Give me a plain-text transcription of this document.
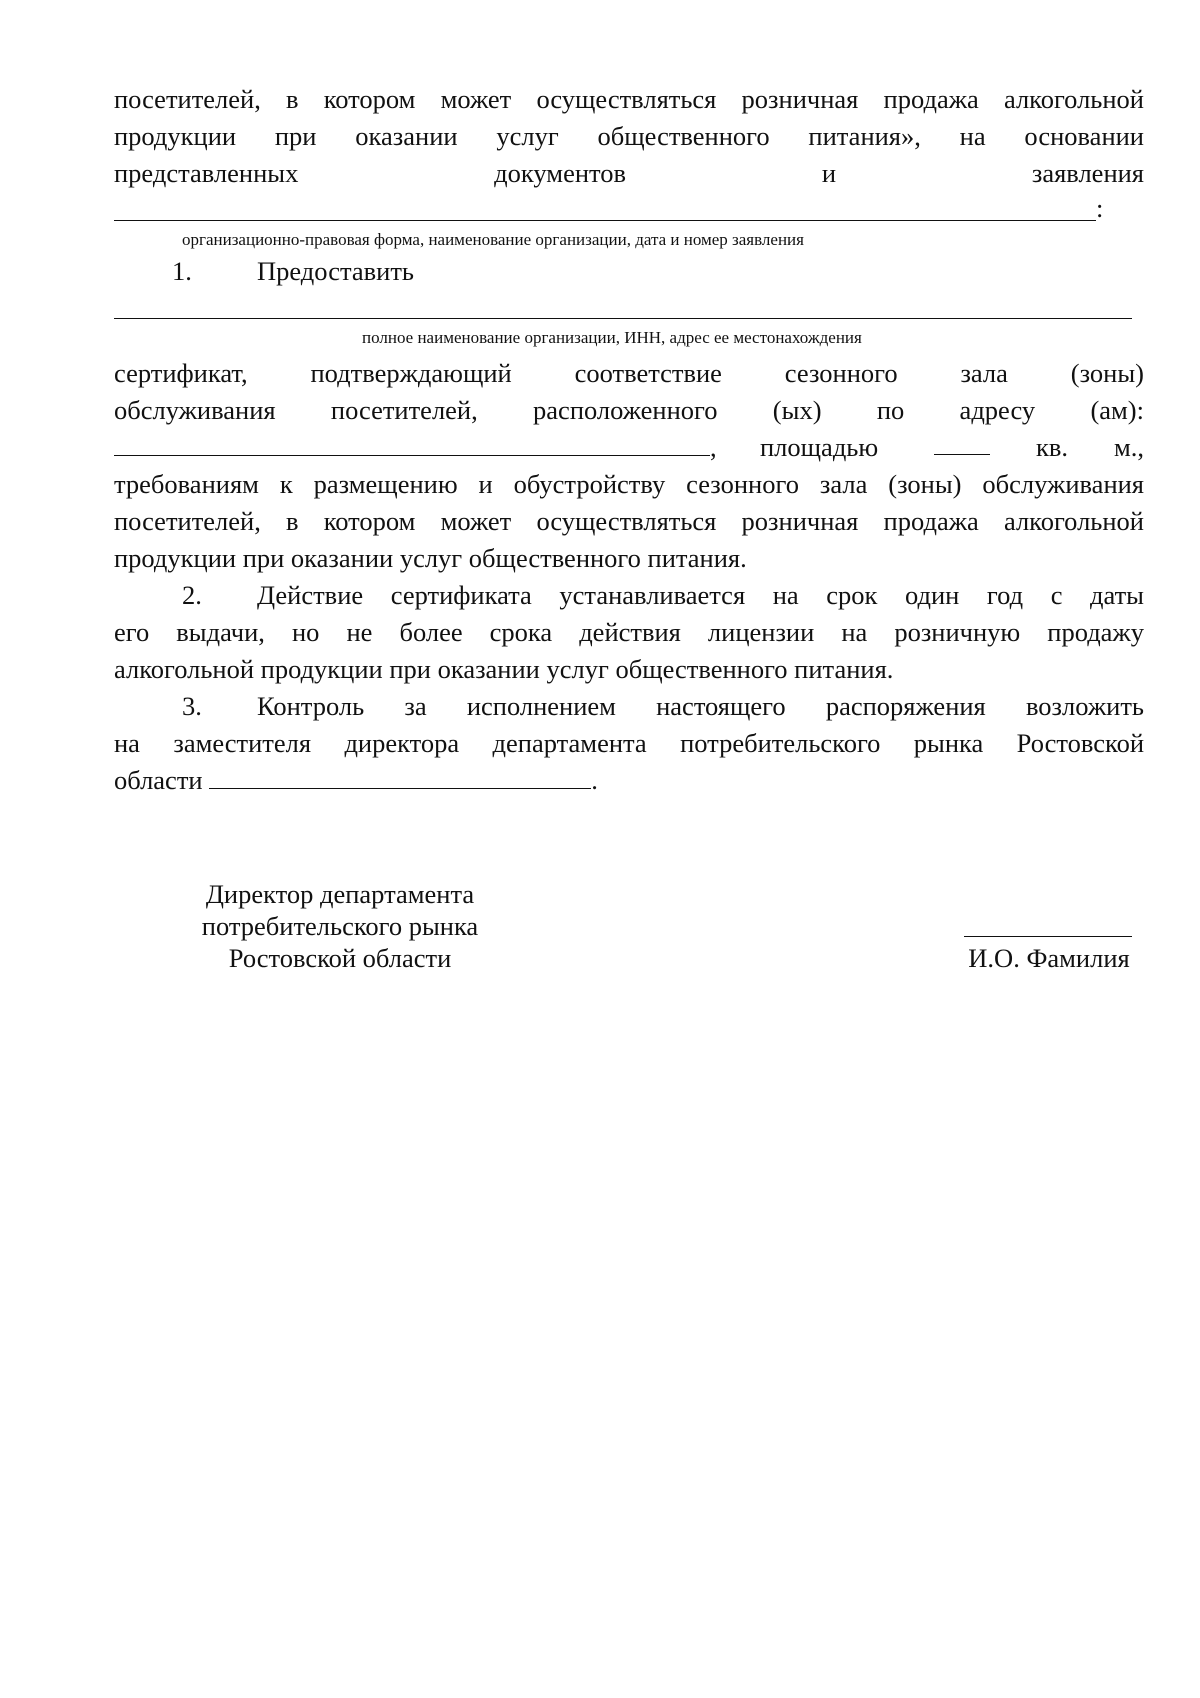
посетителей, в котором может осуществляться розничная продажа алкогольной
продукции при оказании услуг общественного питания», на основании
представленных документов и заявления
:
организационно-правовая форма, наименование организации, дата и номер заявления
1. Предоставить
полное наименование организации, ИНН, адрес ее местонахождения
сертификат, подтверждающий соответствие сезонного зала (зоны)
обслуживания посетителей, расположенного (ых) по адресу (ам):
, площадью	кв. м.,
требованиям к размещению и обустройству сезонного зала (зоны) обслуживания
посетителей, в котором может осуществляться розничная продажа алкогольной
продукции при оказании услуг общественного питания.
2. Действие сертификата устанавливается на срок один год с даты
его выдачи, но не более срока действия лицензии на розничную продажу
алкогольной продукции при оказании услуг общественного питания.
3. Контроль за исполнением настоящего распоряжения возложить
на заместителя директора департамента потребительского рынка Ростовской
области	.
Директор департамента
потребительского рынка
Ростовской области	И.О. Фамилия
